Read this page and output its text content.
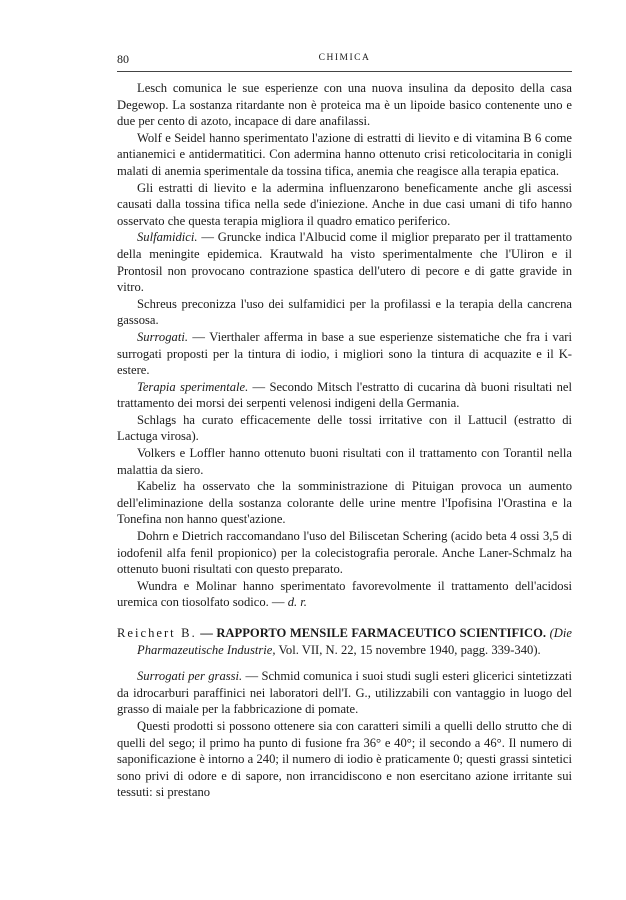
80	CHIMICA

Lesch comunica le sue esperienze con una nuova insulina da deposito della casa Degewop. La sostanza ritardante non è proteica ma è un lipoide basico contenente uno e due per cento di azoto, incapace di dare anafilassi.

Wolf e Seidel hanno sperimentato l'azione di estratti di lievito e di vitamina B 6 come antianemici e antidermatitici. Con adermina hanno ottenuto crisi reticolocitaria in conigli malati di anemia sperimentale da tossina tifica, anemia che reagisce alla terapia epatica.

Gli estratti di lievito e la adermina influenzarono beneficamente anche gli ascessi causati dalla tossina tifica nella sede d'iniezione. Anche in due casi umani di tifo hanno osservato che questa terapia migliora il quadro ematico periferico.

Sulfamidici. — Gruncke indica l'Albucid come il miglior preparato per il trattamento della meningite epidemica. Krautwald ha visto sperimentalmente che l'Uliron e il Prontosil non provocano contrazione spastica dell'utero di pecore e di gatte gravide in vitro.

Schreus preconizza l'uso dei sulfamidici per la profilassi e la terapia della cancrena gassosa.

Surrogati. — Vierthaler afferma in base a sue esperienze sistematiche che fra i vari surrogati proposti per la tintura di iodio, i migliori sono la tintura di acquazite e il K-estere.

Terapia sperimentale. — Secondo Mitsch l'estratto di cucarina dà buoni risultati nel trattamento dei morsi dei serpenti velenosi indigeni della Germania.

Schlags ha curato efficacemente delle tossi irritative con il Lattucil (estratto di Lactuga virosa).

Volkers e Loffler hanno ottenuto buoni risultati con il trattamento con Torantil nella malattia da siero.

Kabeliz ha osservato che la somministrazione di Pituigan provoca un aumento dell'eliminazione della sostanza colorante delle urine mentre l'Ipofisina l'Orastina e la Tonefina non hanno quest'azione.

Dohrn e Dietrich raccomandano l'uso del Biliscetan Schering (acido beta 4 ossi 3,5 di iodofenil alfa fenil propionico) per la colecistografia perorale. Anche Laner-Schmalz ha ottenuto buoni risultati con questo preparato.

Wundra e Molinar hanno sperimentato favorevolmente il trattamento dell'acidosi uremica con tiosolfato sodico. — d. r.

Reichert B. — RAPPORTO MENSILE FARMACEUTICO SCIENTIFICO. (Die Pharmazeutische Industrie, Vol. VII, N. 22, 15 novembre 1940, pagg. 339-340).

Surrogati per grassi. — Schmid comunica i suoi studi sugli esteri glicerici sintetizzati da idrocarburi paraffinici nei laboratori dell'I. G., utilizzabili con vantaggio in luogo del grasso di maiale per la fabbricazione di pomate.

Questi prodotti si possono ottenere sia con caratteri simili a quelli dello strutto che di quelli del sego; il primo ha punto di fusione fra 36° e 40°; il secondo a 46°. Il numero di saponificazione è intorno a 240; il numero di iodio è praticamente 0; questi grassi sintetici sono privi di odore e di sapore, non irrancidiscono e non esercitano azione irritante sui tessuti: si prestano
